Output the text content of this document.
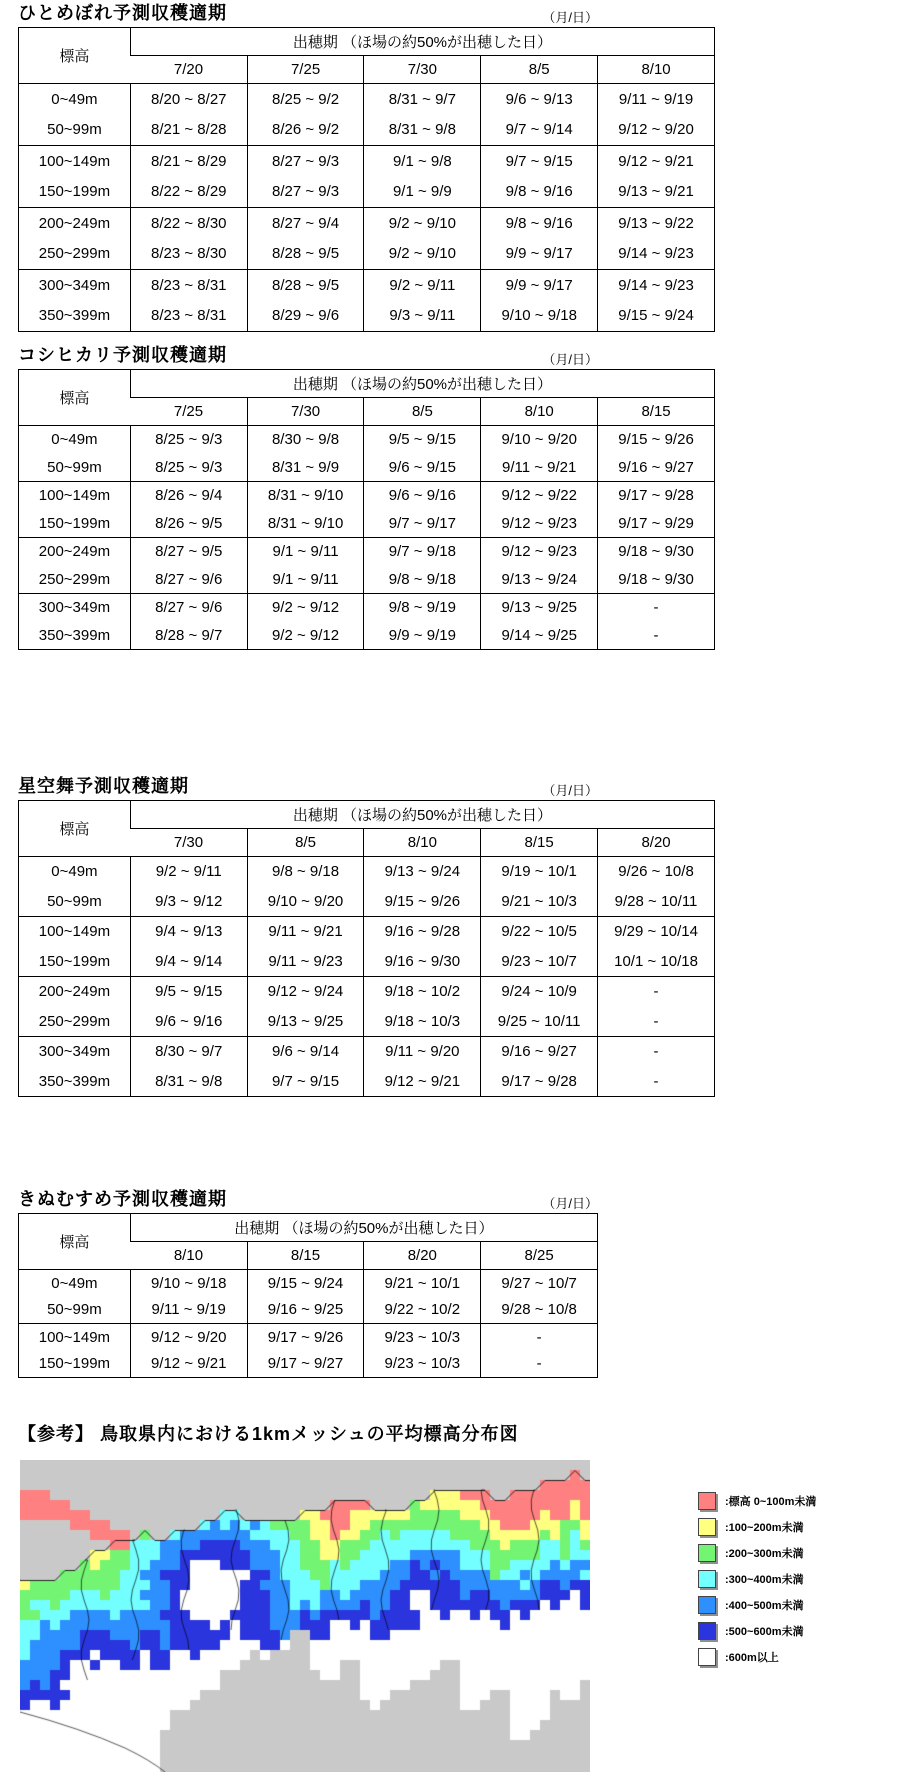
ひとめぼれ予測収穫適期	（月/日）
標高	出穂期 （ほ場の約50%が出穂した日）				
	7/20	7/25	7/30	8/5	8/10
0~49m	8/20 ~ 8/27	8/25 ~ 9/2	8/31 ~ 9/7	9/6 ~ 9/13	9/11 ~ 9/19
50~99m	8/21 ~ 8/28	8/26 ~ 9/2	8/31 ~ 9/8	9/7 ~ 9/14	9/12 ~ 9/20
100~149m	8/21 ~ 8/29	8/27 ~ 9/3	9/1 ~ 9/8	9/7 ~ 9/15	9/12 ~ 9/21
150~199m	8/22 ~ 8/29	8/27 ~ 9/3	9/1 ~ 9/9	9/8 ~ 9/16	9/13 ~ 9/21
200~249m	8/22 ~ 8/30	8/27 ~ 9/4	9/2 ~ 9/10	9/8 ~ 9/16	9/13 ~ 9/22
250~299m	8/23 ~ 8/30	8/28 ~ 9/5	9/2 ~ 9/10	9/9 ~ 9/17	9/14 ~ 9/23
300~349m	8/23 ~ 8/31	8/28 ~ 9/5	9/2 ~ 9/11	9/9 ~ 9/17	9/14 ~ 9/23
350~399m	8/23 ~ 8/31	8/29 ~ 9/6	9/3 ~ 9/11	9/10 ~ 9/18	9/15 ~ 9/24
コシヒカリ予測収穫適期	（月/日）
標高	出穂期 （ほ場の約50%が出穂した日）				
	7/25	7/30	8/5	8/10	8/15
0~49m	8/25 ~ 9/3	8/30 ~ 9/8	9/5 ~ 9/15	9/10 ~ 9/20	9/15 ~ 9/26
50~99m	8/25 ~ 9/3	8/31 ~ 9/9	9/6 ~ 9/15	9/11 ~ 9/21	9/16 ~ 9/27
100~149m	8/26 ~ 9/4	8/31 ~ 9/10	9/6 ~ 9/16	9/12 ~ 9/22	9/17 ~ 9/28
150~199m	8/26 ~ 9/5	8/31 ~ 9/10	9/7 ~ 9/17	9/12 ~ 9/23	9/17 ~ 9/29
200~249m	8/27 ~ 9/5	9/1 ~ 9/11	9/7 ~ 9/18	9/12 ~ 9/23	9/18 ~ 9/30
250~299m	8/27 ~ 9/6	9/1 ~ 9/11	9/8 ~ 9/18	9/13 ~ 9/24	9/18 ~ 9/30
300~349m	8/27 ~ 9/6	9/2 ~ 9/12	9/8 ~ 9/19	9/13 ~ 9/25	-
350~399m	8/28 ~ 9/7	9/2 ~ 9/12	9/9 ~ 9/19	9/14 ~ 9/25	-
星空舞予測収穫適期	（月/日）
標高	出穂期 （ほ場の約50%が出穂した日）				
	7/30	8/5	8/10	8/15	8/20
0~49m	9/2 ~ 9/11	9/8 ~ 9/18	9/13 ~ 9/24	9/19 ~ 10/1	9/26 ~ 10/8
50~99m	9/3 ~ 9/12	9/10 ~ 9/20	9/15 ~ 9/26	9/21 ~ 10/3	9/28 ~ 10/11
100~149m	9/4 ~ 9/13	9/11 ~ 9/21	9/16 ~ 9/28	9/22 ~ 10/5	9/29 ~ 10/14
150~199m	9/4 ~ 9/14	9/11 ~ 9/23	9/16 ~ 9/30	9/23 ~ 10/7	10/1 ~ 10/18
200~249m	9/5 ~ 9/15	9/12 ~ 9/24	9/18 ~ 10/2	9/24 ~ 10/9	-
250~299m	9/6 ~ 9/16	9/13 ~ 9/25	9/18 ~ 10/3	9/25 ~ 10/11	-
300~349m	8/30 ~ 9/7	9/6 ~ 9/14	9/11 ~ 9/20	9/16 ~ 9/27	-
350~399m	8/31 ~ 9/8	9/7 ~ 9/15	9/12 ~ 9/21	9/17 ~ 9/28	-
きぬむすめ予測収穫適期	（月/日）
標高	出穂期 （ほ場の約50%が出穂した日）			
	8/10	8/15	8/20	8/25
0~49m	9/10 ~ 9/18	9/15 ~ 9/24	9/21 ~ 10/1	9/27 ~ 10/7
50~99m	9/11 ~ 9/19	9/16 ~ 9/25	9/22 ~ 10/2	9/28 ~ 10/8
100~149m	9/12 ~ 9/20	9/17 ~ 9/26	9/23 ~ 10/3	-
150~199m	9/12 ~ 9/21	9/17 ~ 9/27	9/23 ~ 10/3	-
【参考】 鳥取県内における1kmメッシュの平均標高分布図
:標高 0~100m未満
:100~200m未満
:200~300m未満
:300~400m未満
:400~500m未満
:500~600m未満
:600m以上
